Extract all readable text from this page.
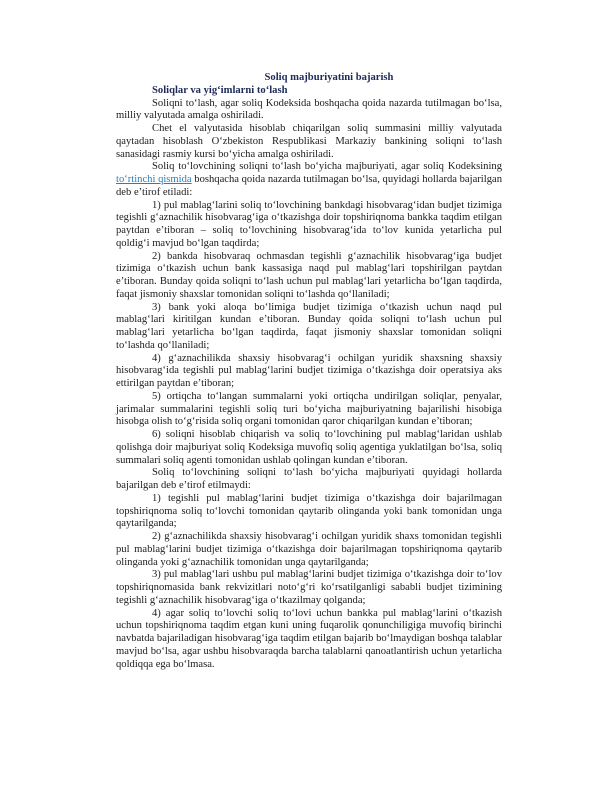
Soliq majburiyatini bajarish

Soliqlar va yig‘imlarni to‘lash

Soliqni to‘lash, agar soliq Kodeksida boshqacha qoida nazarda tutilmagan bo‘lsa, milliy valyutada amalga oshiriladi.

Chet el valyutasida hisoblab chiqarilgan soliq summasini milliy valyutada qaytadan hisoblash O‘zbekiston Respublikasi Markaziy bankining soliqni to‘lash sanasidagi rasmiy kursi bo‘yicha amalga oshiriladi.

Soliq to‘lovchining soliqni to‘lash bo‘yicha majburiyati, agar soliq Kodeksining to‘rtinchi qismida boshqacha qoida nazarda tutilmagan bo‘lsa, quyidagi hollarda bajarilgan deb e’tirof etiladi:

1) pul mablag‘larini soliq to‘lovchining bankdagi hisobvarag‘idan budjet tizimiga tegishli g‘aznachilik hisobvarag‘iga o‘tkazishga doir topshiriqnoma bankka taqdim etilgan paytdan e’tiboran – soliq to‘lovchining hisobvarag‘ida to‘lov kunida yetarlicha pul qoldig‘i mavjud bo‘lgan taqdirda;

2) bankda hisobvaraq ochmasdan tegishli g‘aznachilik hisobvarag‘iga budjet tizimiga o‘tkazish uchun bank kassasiga naqd pul mablag‘lari topshirilgan paytdan e’tiboran. Bunday qoida soliqni to‘lash uchun pul mablag‘lari yetarlicha bo‘lgan taqdirda, faqat jismoniy shaxslar tomonidan soliqni to‘lashda qo‘llaniladi;

3) bank yoki aloqa bo‘limiga budjet tizimiga o‘tkazish uchun naqd pul mablag‘lari kiritilgan kundan e’tiboran. Bunday qoida soliqni to‘lash uchun pul mablag‘lari yetarlicha bo‘lgan taqdirda, faqat jismoniy shaxslar tomonidan soliqni to‘lashda qo‘llaniladi;

4) g‘aznachilikda shaxsiy hisobvarag‘i ochilgan yuridik shaxsning shaxsiy hisobvarag‘ida tegishli pul mablag‘larini budjet tizimiga o‘tkazishga doir operatsiya aks ettirilgan paytdan e’tiboran;

5) ortiqcha to‘langan summalarni yoki ortiqcha undirilgan soliqlar, penyalar, jarimalar summalarini tegishli soliq turi bo‘yicha majburiyatning bajarilishi hisobiga hisobga olish to‘g‘risida soliq organi tomonidan qaror chiqarilgan kundan e’tiboran;

6) soliqni hisoblab chiqarish va soliq to‘lovchining pul mablag‘laridan ushlab qolishga doir majburiyat soliq Kodeksiga muvofiq soliq agentiga yuklatilgan bo‘lsa, soliq summalari soliq agenti tomonidan ushlab qolingan kundan e’tiboran.

Soliq to‘lovchining soliqni to‘lash bo‘yicha majburiyati quyidagi hollarda bajarilgan deb e’tirof etilmaydi:

1) tegishli pul mablag‘larini budjet tizimiga o‘tkazishga doir bajarilmagan topshiriqnoma soliq to‘lovchi tomonidan qaytarib olinganda yoki bank tomonidan unga qaytarilganda;

2) g‘aznachilikda shaxsiy hisobvarag‘i ochilgan yuridik shaxs tomonidan tegishli pul mablag‘larini budjet tizimiga o‘tkazishga doir bajarilmagan topshiriqnoma qaytarib olinganda yoki g‘aznachilik tomonidan unga qaytarilganda;

3) pul mablag‘lari ushbu pul mablag‘larini budjet tizimiga o‘tkazishga doir to‘lov topshiriqnomasida bank rekvizitlari noto‘g‘ri ko‘rsatilganligi sababli budjet tizimining tegishli g‘aznachilik hisobvarag‘iga o‘tkazilmay qolganda;

4) agar soliq to‘lovchi soliq to‘lovi uchun bankka pul mablag‘larini o‘tkazish uchun topshiriqnoma taqdim etgan kuni uning fuqarolik qonunchiligiga muvofiq birinchi navbatda bajariladigan hisobvarag‘iga taqdim etilgan bajarib bo‘lmaydigan boshqa talablar mavjud bo‘lsa, agar ushbu hisobvaraqda barcha talablarni qanoatlantirish uchun yetarlicha qoldiqqa ega bo‘lmasa.
